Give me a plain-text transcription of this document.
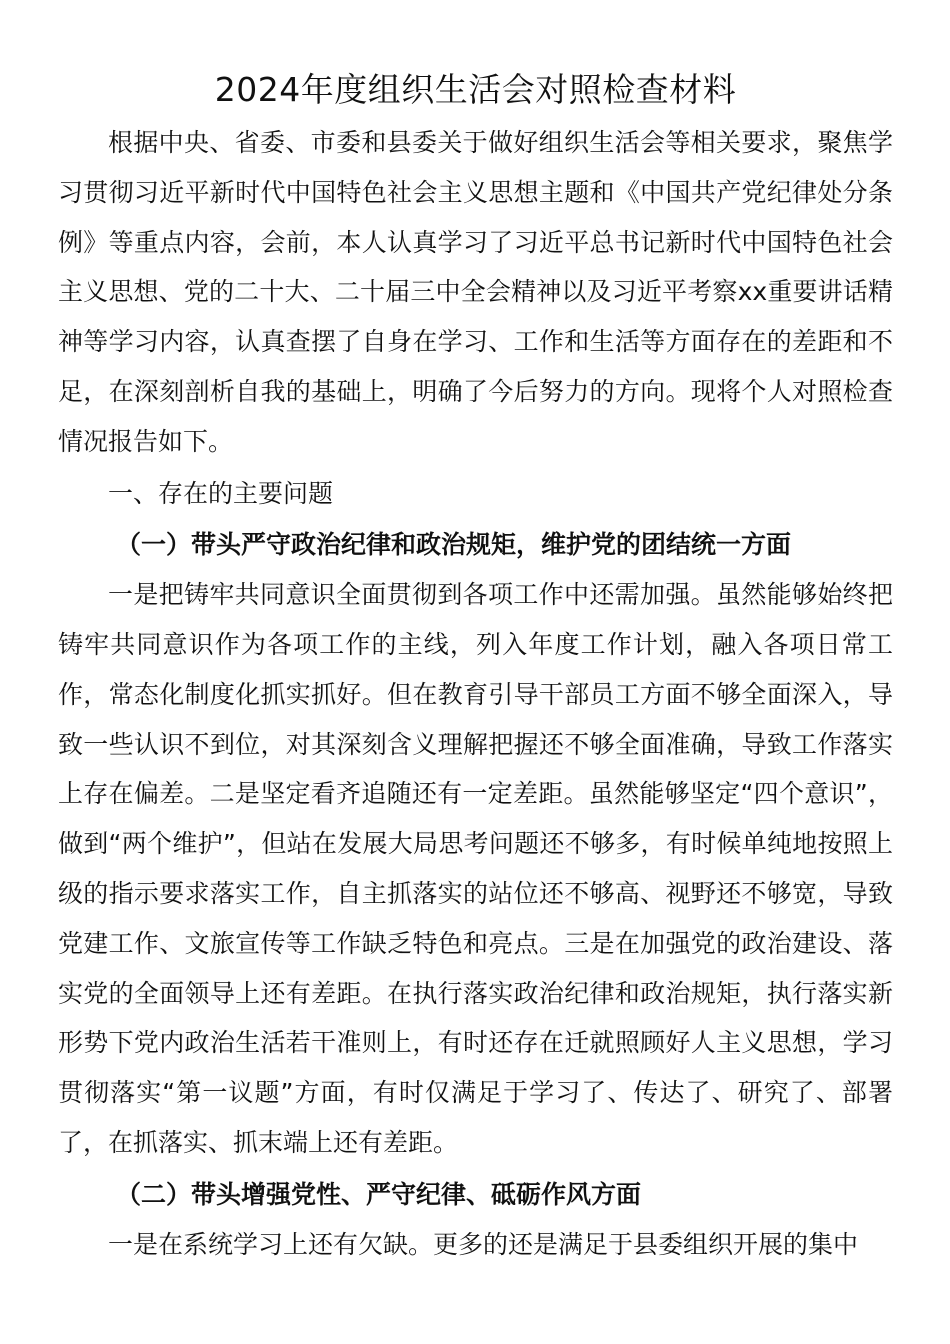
2024年度组织生活会对照检查材料

根据中央、省委、市委和县委关于做好组织生活会等相关要求，聚焦学习贯彻习近平新时代中国特色社会主义思想主题和《中国共产党纪律处分条例》等重点内容，会前，本人认真学习了习近平总书记新时代中国特色社会主义思想、党的二十大、二十届三中全会精神以及习近平考察xx重要讲话精神等学习内容，认真查摆了自身在学习、工作和生活等方面存在的差距和不足，在深刻剖析自我的基础上，明确了今后努力的方向。现将个人对照检查情况报告如下。

一、存在的主要问题

（一）带头严守政治纪律和政治规矩，维护党的团结统一方面

一是把铸牢共同意识全面贯彻到各项工作中还需加强。虽然能够始终把铸牢共同意识作为各项工作的主线，列入年度工作计划，融入各项日常工作，常态化制度化抓实抓好。但在教育引导干部员工方面不够全面深入，导致一些认识不到位，对其深刻含义理解把握还不够全面准确，导致工作落实上存在偏差。二是坚定看齐追随还有一定差距。虽然能够坚定“四个意识”，做到“两个维护”，但站在发展大局思考问题还不够多，有时候单纯地按照上级的指示要求落实工作，自主抓落实的站位还不够高、视野还不够宽，导致党建工作、文旅宣传等工作缺乏特色和亮点。三是在加强党的政治建设、落实党的全面领导上还有差距。在执行落实政治纪律和政治规矩，执行落实新形势下党内政治生活若干准则上，有时还存在迁就照顾好人主义思想，学习贯彻落实“第一议题”方面，有时仅满足于学习了、传达了、研究了、部署了，在抓落实、抓末端上还有差距。

（二）带头增强党性、严守纪律、砥砺作风方面

一是在系统学习上还有欠缺。更多的还是满足于县委组织开展的集中
